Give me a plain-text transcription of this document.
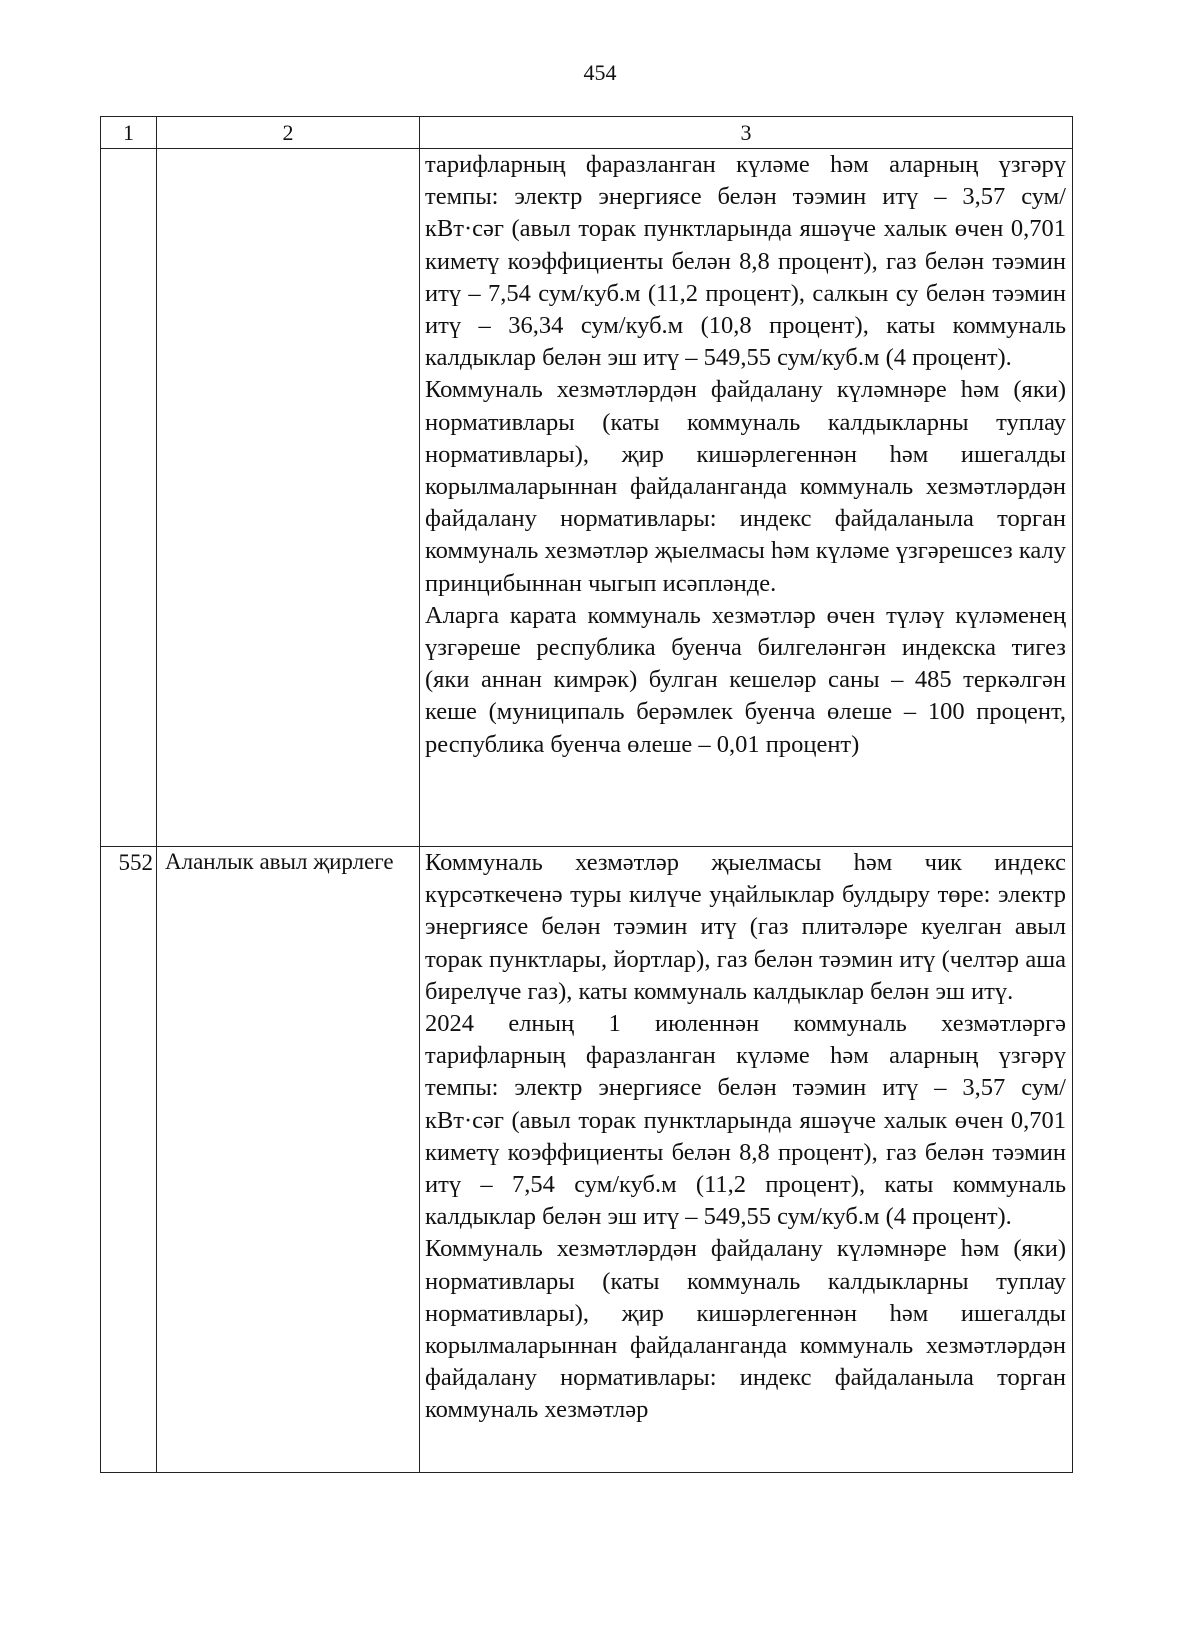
454
1	2	3

		тарифларның фаразланган күләме һәм аларның үзгәрү темпы: электр энергиясе белән тәэмин итү – 3,57 сум/кВт·сәг (авыл торак пунктларында яшәүче халык өчен 0,701 киметү коэффициенты белән 8,8 процент), газ белән тәэмин итү – 7,54 сум/куб.м (11,2 процент), салкын су белән тәэмин итү – 36,34 сум/куб.м (10,8 процент), каты коммуналь калдыклар белән эш итү – 549,55 сум/куб.м (4 процент).
Коммуналь хезмәтләрдән файдалану күләмнәре һәм (яки) нормативлары (каты коммуналь калдыкларны туплау нормативлары), җир кишәрлегеннән һәм ишегалды корылмаларыннан файдаланганда коммуналь хезмәтләрдән файдалану нормативлары: индекс файдаланыла торган коммуналь хезмәтләр җыелмасы һәм күләме үзгәрешсез калу принцибыннан чыгып исәпләнде.
Аларга карата коммуналь хезмәтләр өчен түләү күләменең үзгәреше республика буенча билгеләнгән индекска тигез (яки аннан кимрәк) булган кешеләр саны – 485 теркәлгән кеше (муниципаль берәмлек буенча өлеше – 100 процент, республика буенча өлеше – 0,01 процент)

552	Аланлык авыл җирлеге	Коммуналь хезмәтләр җыелмасы һәм чик индекс күрсәткеченә туры килүче уңайлыклар булдыру төре: электр энергиясе белән тәэмин итү (газ плитәләре куелган авыл торак пунктлары, йортлар), газ белән тәэмин итү (челтәр аша бирелүче газ), каты коммуналь калдыклар белән эш итү.
2024 елның 1 июленнән коммуналь хезмәтләргә тарифларның фаразланган күләме һәм аларның үзгәрү темпы: электр энергиясе белән тәэмин итү – 3,57 сум/кВт·сәг (авыл торак пунктларында яшәүче халык өчен 0,701 киметү коэффициенты белән 8,8 процент), газ белән тәэмин итү – 7,54 сум/куб.м (11,2 процент), каты коммуналь калдыклар белән эш итү – 549,55 сум/куб.м (4 процент).
Коммуналь хезмәтләрдән файдалану күләмнәре һәм (яки) нормативлары (каты коммуналь калдыкларны туплау нормативлары), җир кишәрлегеннән һәм ишегалды корылмаларыннан файдаланганда коммуналь хезмәтләрдән файдалану нормативлары: индекс файдаланыла торган коммуналь хезмәтләр
